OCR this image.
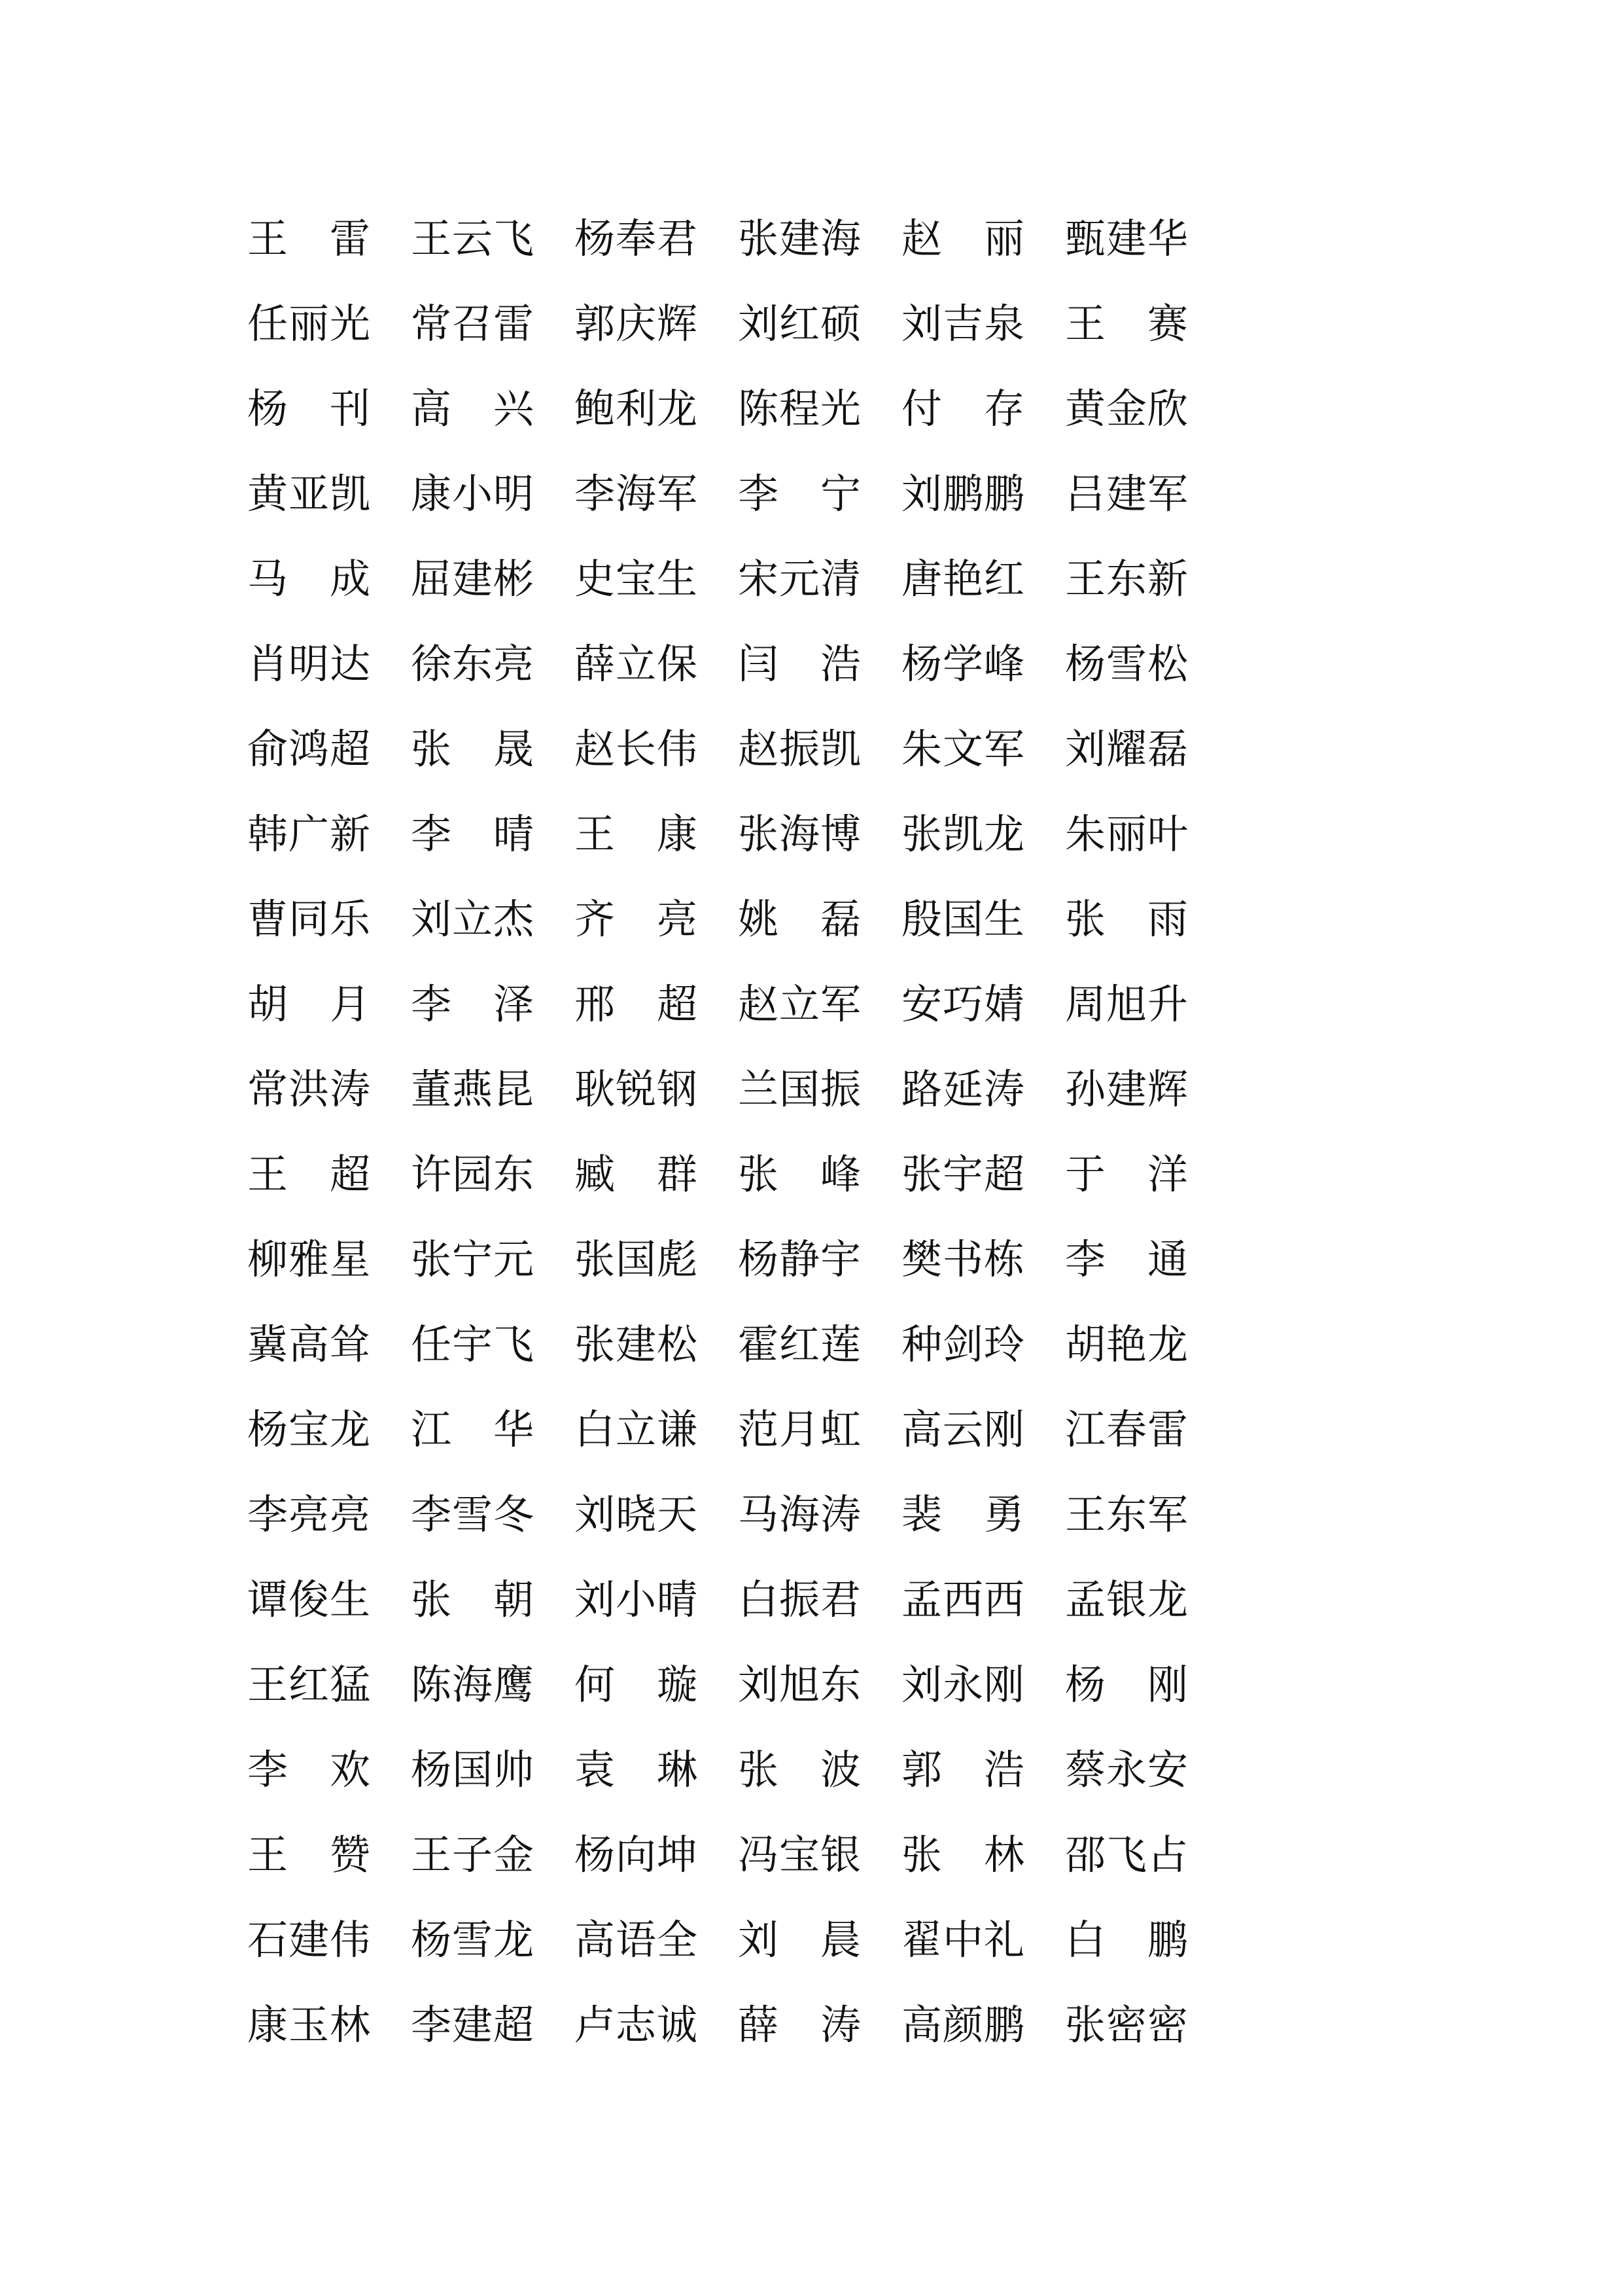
王 雷 王 云 飞 杨 奉 君 张 建 海 赵 丽 甄 建 华
任 丽 光 常 召 雷 郭 庆 辉 刘 红 硕 刘 吉 泉 王 赛
杨 刊 高 兴 鲍 利 龙 陈 程 光 付 存 黄 金 欣
黄 亚 凯 康 小 明 李 海 军 李 宁 刘 鹏 鹏 吕 建 军
马 成 屈 建 彬 史 宝 生 宋 元 清 唐 艳 红 王 东 新
肖 明 达 徐 东 亮 薛 立 保 闫 浩 杨 学 峰 杨 雪 松
俞 鸿 超 张 晟 赵 长 伟 赵 振 凯 朱 文 军 刘 耀 磊
韩 广 新 李 晴 王 康 张 海 博 张 凯 龙 朱 丽 叶
曹 同 乐 刘 立 杰 齐 亮 姚 磊 殷 国 生 张 雨
胡 月 李 泽 邢 超 赵 立 军 安 巧 婧 周 旭 升
常 洪 涛 董 燕 昆 耿 锐 钢 兰 国 振 路 延 涛 孙 建 辉
王 超 许 园 东 臧 群 张 峰 张 宇 超 于 洋
柳 雅 星 张 宁 元 张 国 彪 杨 静 宇 樊 书 栋 李 通
冀 高 耸 任 宇 飞 张 建 松 霍 红 莲 种 剑 玲 胡 艳 龙
杨 宝 龙 江 华 白 立 谦 范 月 虹 高 云 刚 江 春 雷
李 亮 亮 李 雪 冬 刘 晓 天 马 海 涛 裴 勇 王 东 军
谭 俊 生 张 朝 刘 小 晴 白 振 君 孟 西 西 孟 银 龙
王 红 猛 陈 海 鹰 何 璇 刘 旭 东 刘 永 刚 杨 刚
李 欢 杨 国 帅 袁 琳 张 波 郭 浩 蔡 永 安
王 赞 王 子 金 杨 向 坤 冯 宝 银 张 林 邵 飞 占
石 建 伟 杨 雪 龙 高 语 全 刘 晨 翟 中 礼 白 鹏
康 玉 林 李 建 超 卢 志 诚 薛 涛 高 颜 鹏 张 密 密
